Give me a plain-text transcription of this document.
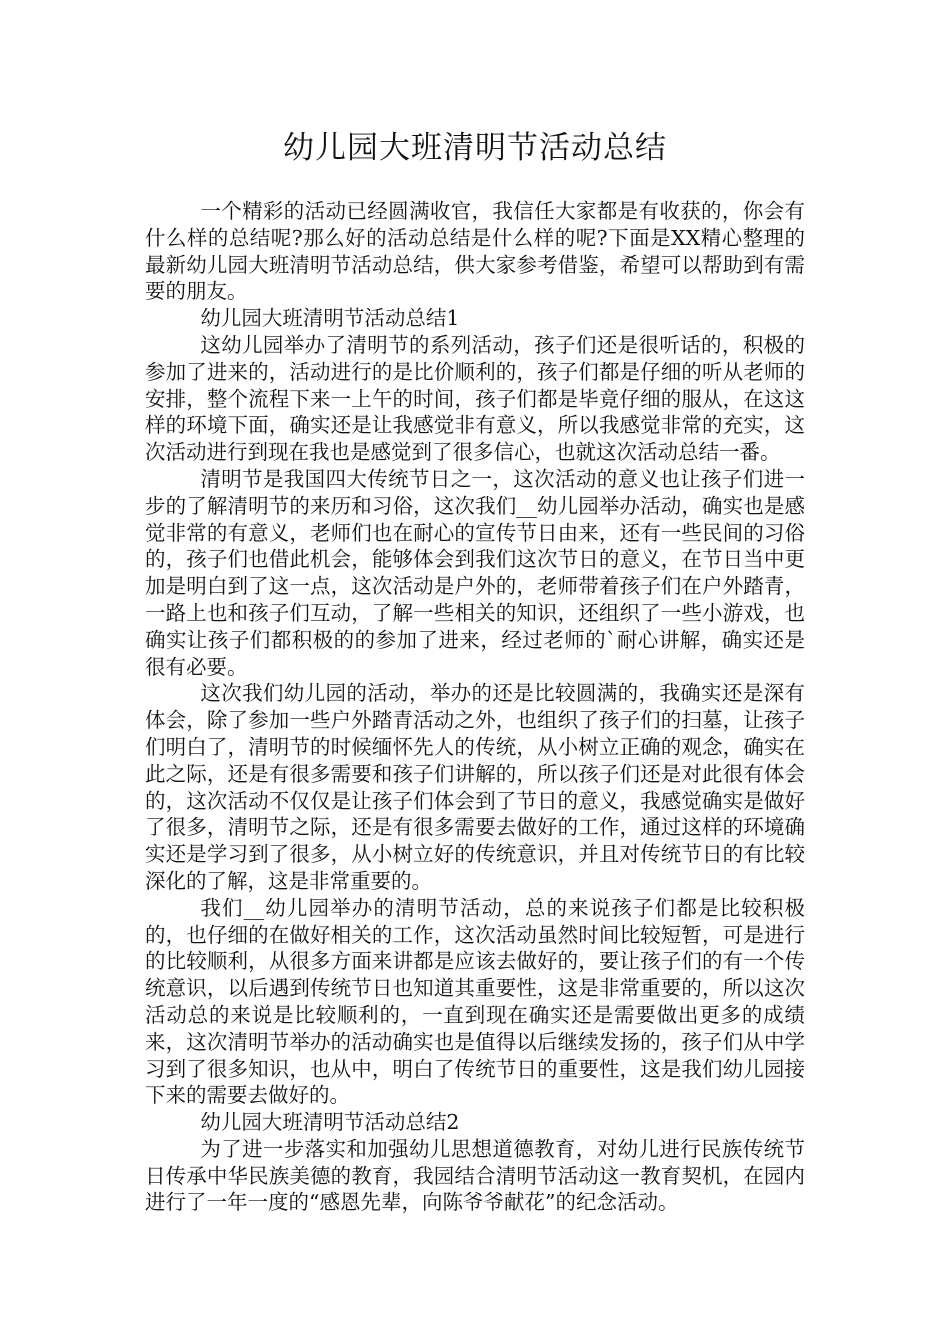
幼儿园大班清明节活动总结

一个精彩的活动已经圆满收官，我信任大家都是有收获的，你会有什么样的总结呢?那么好的活动总结是什么样的呢?下面是XX精心整理的最新幼儿园大班清明节活动总结，供大家参考借鉴，希望可以帮助到有需要的朋友。

幼儿园大班清明节活动总结1

这幼儿园举办了清明节的系列活动，孩子们还是很听话的，积极的参加了进来的，活动进行的是比价顺利的，孩子们都是仔细的听从老师的安排，整个流程下来一上午的时间，孩子们都是毕竟仔细的服从，在这这样的环境下面，确实还是让我感觉非有意义，所以我感觉非常的充实，这次活动进行到现在我也是感觉到了很多信心，也就这次活动总结一番。

清明节是我国四大传统节日之一，这次活动的意义也让孩子们进一步的了解清明节的来历和习俗，这次我们__幼儿园举办活动，确实也是感觉非常的有意义，老师们也在耐心的宣传节日由来，还有一些民间的习俗的，孩子们也借此机会，能够体会到我们这次节日的意义，在节日当中更加是明白到了这一点，这次活动是户外的，老师带着孩子们在户外踏青，一路上也和孩子们互动，了解一些相关的知识，还组织了一些小游戏，也确实让孩子们都积极的的参加了进来，经过老师的`耐心讲解，确实还是很有必要。

这次我们幼儿园的活动，举办的还是比较圆满的，我确实还是深有体会，除了参加一些户外踏青活动之外，也组织了孩子们的扫墓，让孩子们明白了，清明节的时候缅怀先人的传统，从小树立正确的观念，确实在此之际，还是有很多需要和孩子们讲解的，所以孩子们还是对此很有体会的，这次活动不仅仅是让孩子们体会到了节日的意义，我感觉确实是做好了很多，清明节之际，还是有很多需要去做好的工作，通过这样的环境确实还是学习到了很多，从小树立好的传统意识，并且对传统节日的有比较深化的了解，这是非常重要的。

我们__幼儿园举办的清明节活动，总的来说孩子们都是比较积极的，也仔细的在做好相关的工作，这次活动虽然时间比较短暂，可是进行的比较顺利，从很多方面来讲都是应该去做好的，要让孩子们的有一个传统意识，以后遇到传统节日也知道其重要性，这是非常重要的，所以这次活动总的来说是比较顺利的，一直到现在确实还是需要做出更多的成绩来，这次清明节举办的活动确实也是值得以后继续发扬的，孩子们从中学习到了很多知识，也从中，明白了传统节日的重要性，这是我们幼儿园接下来的需要去做好的。

幼儿园大班清明节活动总结2

为了进一步落实和加强幼儿思想道德教育，对幼儿进行民族传统节日传承中华民族美德的教育，我园结合清明节活动这一教育契机，在园内进行了一年一度的“感恩先辈，向陈爷爷献花”的纪念活动。
